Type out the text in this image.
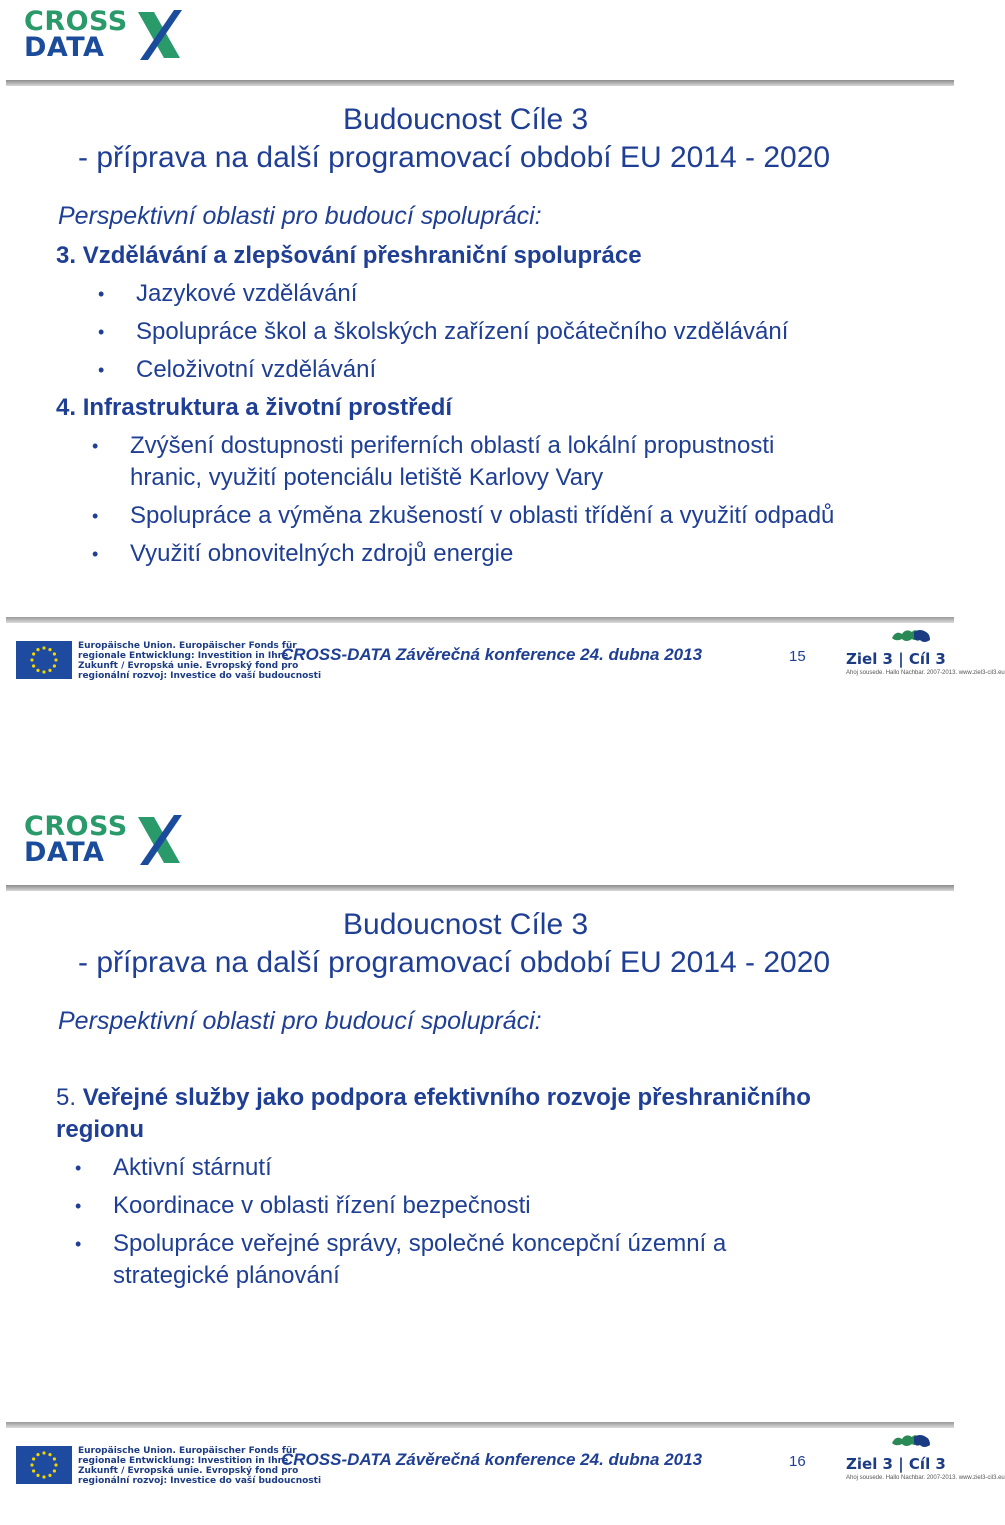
CROSS
DATA
Budoucnost Cíle 3
- příprava na další programovací období EU 2014 - 2020
Perspektivní oblasti pro budoucí spolupráci:
3. Vzdělávání a zlepšování přeshraniční spolupráce
• Jazykové vzdělávání
• Spolupráce škol a školských zařízení počátečního vzdělávání
• Celoživotní vzdělávání
4. Infrastruktura a životní prostředí
• Zvýšení dostupnosti periferních oblastí a lokální propustnosti hranic, využití potenciálu letiště Karlovy Vary
• Spolupráce a výměna zkušeností v oblasti třídění a využití odpadů
• Využití obnovitelných zdrojů energie
Europäische Union. Europäischer Fonds für
regionale Entwicklung: Investition in Ihre
Zukunft / Evropská unie. Evropský fond pro
regionální rozvoj: Investice do vaší budoucnosti
CROSS-DATA Závěrečná konference 24. dubna 2013	15	Ziel 3 | Cíl 3
Ahoj sousede. Hallo Nachbar. 2007-2013. www.ziel3-cil3.eu
CROSS
DATA
Budoucnost Cíle 3
- příprava na další programovací období EU 2014 - 2020
Perspektivní oblasti pro budoucí spolupráci:
5. Veřejné služby jako podpora efektivního rozvoje přeshraničního regionu
• Aktivní stárnutí
• Koordinace v oblasti řízení bezpečnosti
• Spolupráce veřejné správy, společné koncepční územní a strategické plánování
Europäische Union. Europäischer Fonds für
regionale Entwicklung: Investition in Ihre
Zukunft / Evropská unie. Evropský fond pro
regionální rozvoj: Investice do vaší budoucnosti
CROSS-DATA Závěrečná konference 24. dubna 2013	16	Ziel 3 | Cíl 3
Ahoj sousede. Hallo Nachbar. 2007-2013. www.ziel3-cil3.eu
